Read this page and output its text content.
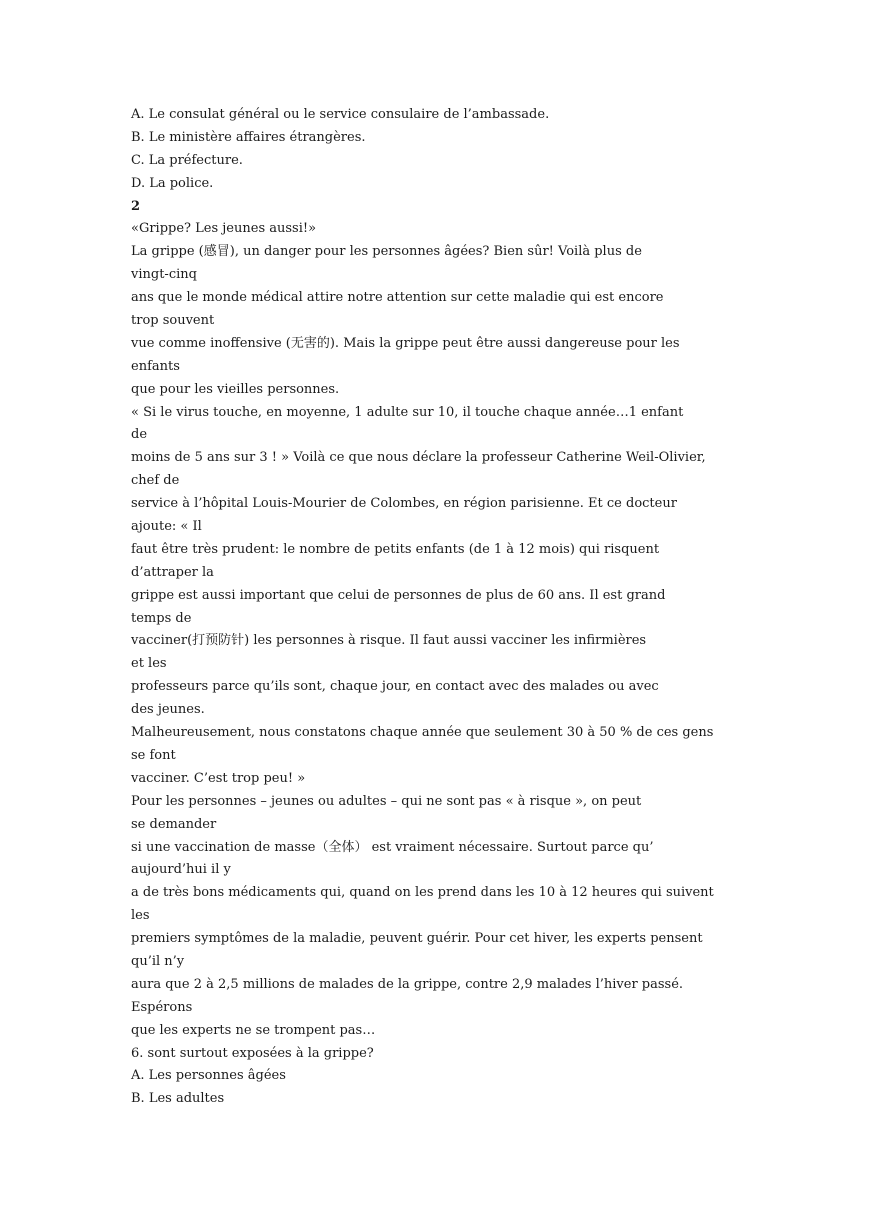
A. Le consulat général ou le service consulaire de l’ambassade.
B. Le ministère affaires étrangères.
C. La préfecture.
D. La police.
2
«Grippe? Les jeunes aussi!»
La grippe (感冒), un danger pour les personnes âgées? Bien sûr! Voilà plus de
vingt-cinq
ans que le monde médical attire notre attention sur cette maladie qui est encore
trop souvent
vue comme inoffensive (无害的). Mais la grippe peut être aussi dangereuse pour les
enfants
que pour les vieilles personnes.
« Si le virus touche, en moyenne, 1 adulte sur 10, il touche chaque année…1 enfant
de
moins de 5 ans sur 3 ! » Voilà ce que nous déclare la professeur Catherine Weil-Olivier,
chef de
service à l’hôpital Louis-Mourier de Colombes, en région parisienne. Et ce docteur
ajoute: « Il
faut être très prudent: le nombre de petits enfants (de 1 à 12 mois) qui risquent
d’attraper la
grippe est aussi important que celui de personnes de plus de 60 ans. Il est grand
temps de
vacciner(打预防针) les personnes à risque. Il faut aussi vacciner les infirmières
et les
professeurs parce qu’ils sont, chaque jour, en contact avec des malades ou avec
des jeunes.
Malheureusement, nous constatons chaque année que seulement 30 à 50 % de ces gens
se font
vacciner. C’est trop peu! »
Pour les personnes – jeunes ou adultes – qui ne sont pas « à risque », on peut
se demander
si une vaccination de masse（全体） est vraiment nécessaire. Surtout parce qu’
aujourd’hui il y
a de très bons médicaments qui, quand on les prend dans les 10 à 12 heures qui suivent
les
premiers symptômes de la maladie, peuvent guérir. Pour cet hiver, les experts pensent
qu’il n’y
aura que 2 à 2,5 millions de malades de la grippe, contre 2,9 malades l’hiver passé.
Espérons
que les experts ne se trompent pas…
6. sont surtout exposées à la grippe?
A. Les personnes âgées
B. Les adultes
